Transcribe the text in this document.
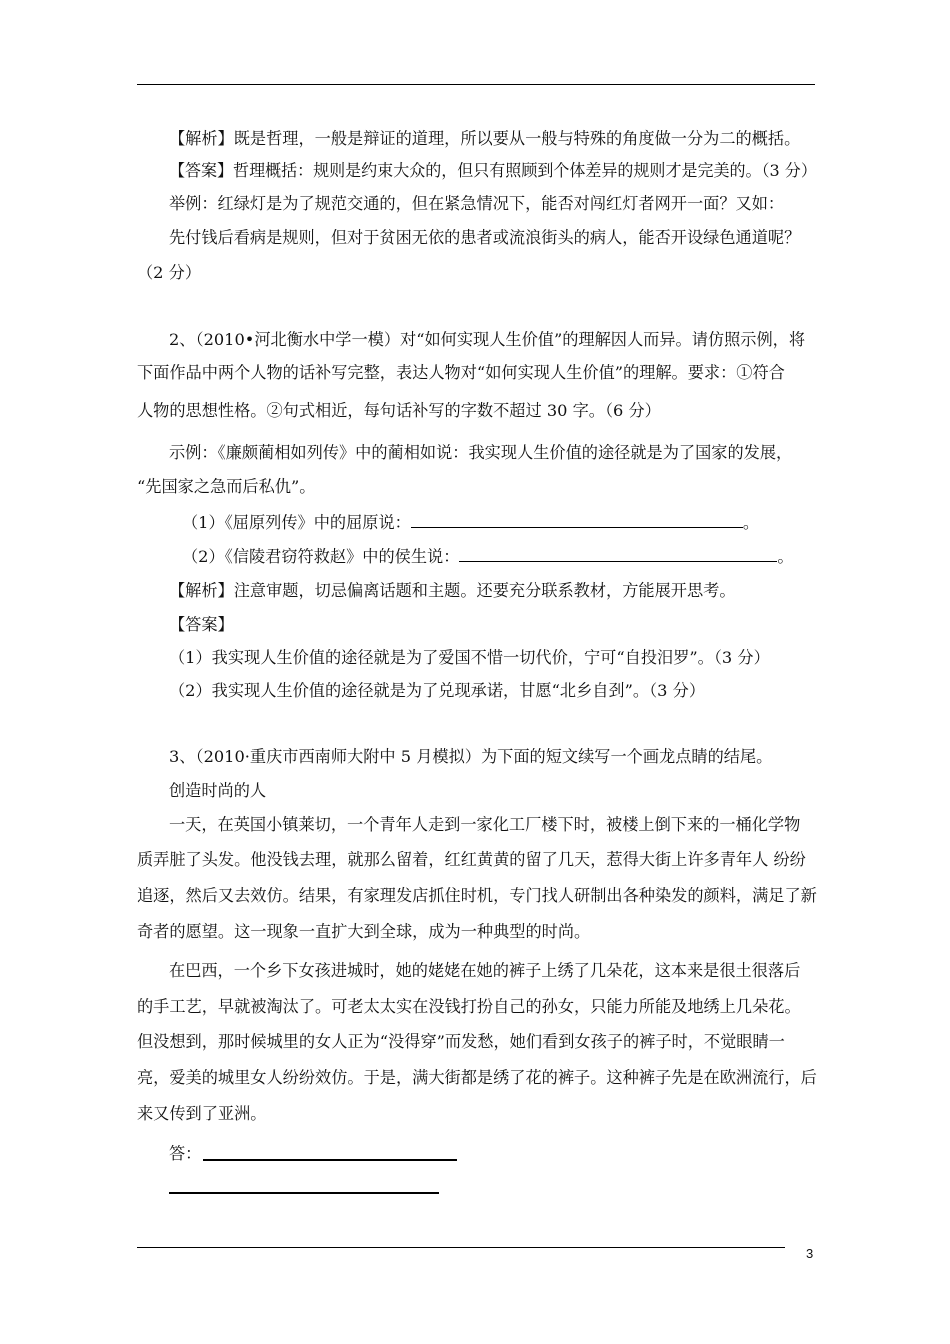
【解析】既是哲理，一般是辩证的道理，所以要从一般与特殊的角度做一分为二的概括。
【答案】哲理概括：规则是约束大众的，但只有照顾到个体差异的规则才是完美的。（3 分）
举例：红绿灯是为了规范交通的，但在紧急情况下，能否对闯红灯者网开一面？又如：
先付钱后看病是规则，但对于贫困无依的患者或流浪街头的病人，能否开设绿色通道呢？
（2 分）
2、（2010•河北衡水中学一模）对“如何实现人生价值”的理解因人而异。请仿照示例，将
下面作品中两个人物的话补写完整，表达人物对“如何实现人生价值”的理解。要求：①符合
人物的思想性格。②句式相近，每句话补写的字数不超过 30 字。（6 分）
示例：《廉颇蔺相如列传》中的蔺相如说：我实现人生价值的途径就是为了国家的发展，
“先国家之急而后私仇”。
（1）《屈原列传》中的屈原说：	。
（2）《信陵君窃符救赵》中的侯生说：	。
【解析】注意审题，切忌偏离话题和主题。还要充分联系教材，方能展开思考。
【答案】
（1）我实现人生价值的途径就是为了爱国不惜一切代价，宁可“自投汨罗”。（3 分）
（2）我实现人生价值的途径就是为了兑现承诺，甘愿“北乡自刭”。（3 分）
3、（2010·重庆市西南师大附中 5 月模拟）为下面的短文续写一个画龙点睛的结尾。
创造时尚的人
一天，在英国小镇莱切，一个青年人走到一家化工厂楼下时，被楼上倒下来的一桶化学物
质弄脏了头发。他没钱去理，就那么留着，红红黄黄的留了几天，惹得大街上许多青年人 纷纷
追逐，然后又去效仿。结果，有家理发店抓住时机，专门找人研制出各种染发的颜料，满足了新
奇者的愿望。这一现象一直扩大到全球，成为一种典型的时尚。
在巴西，一个乡下女孩进城时，她的姥姥在她的裤子上绣了几朵花，这本来是很土很落后
的手工艺，早就被淘汰了。可老太太实在没钱打扮自己的孙女，只能力所能及地绣上几朵花。
但没想到，那时候城里的女人正为“没得穿”而发愁，她们看到女孩子的裤子时，不觉眼睛一
亮，爱美的城里女人纷纷效仿。于是，满大街都是绣了花的裤子。这种裤子先是在欧洲流行，后
来又传到了亚洲。
答：
3
